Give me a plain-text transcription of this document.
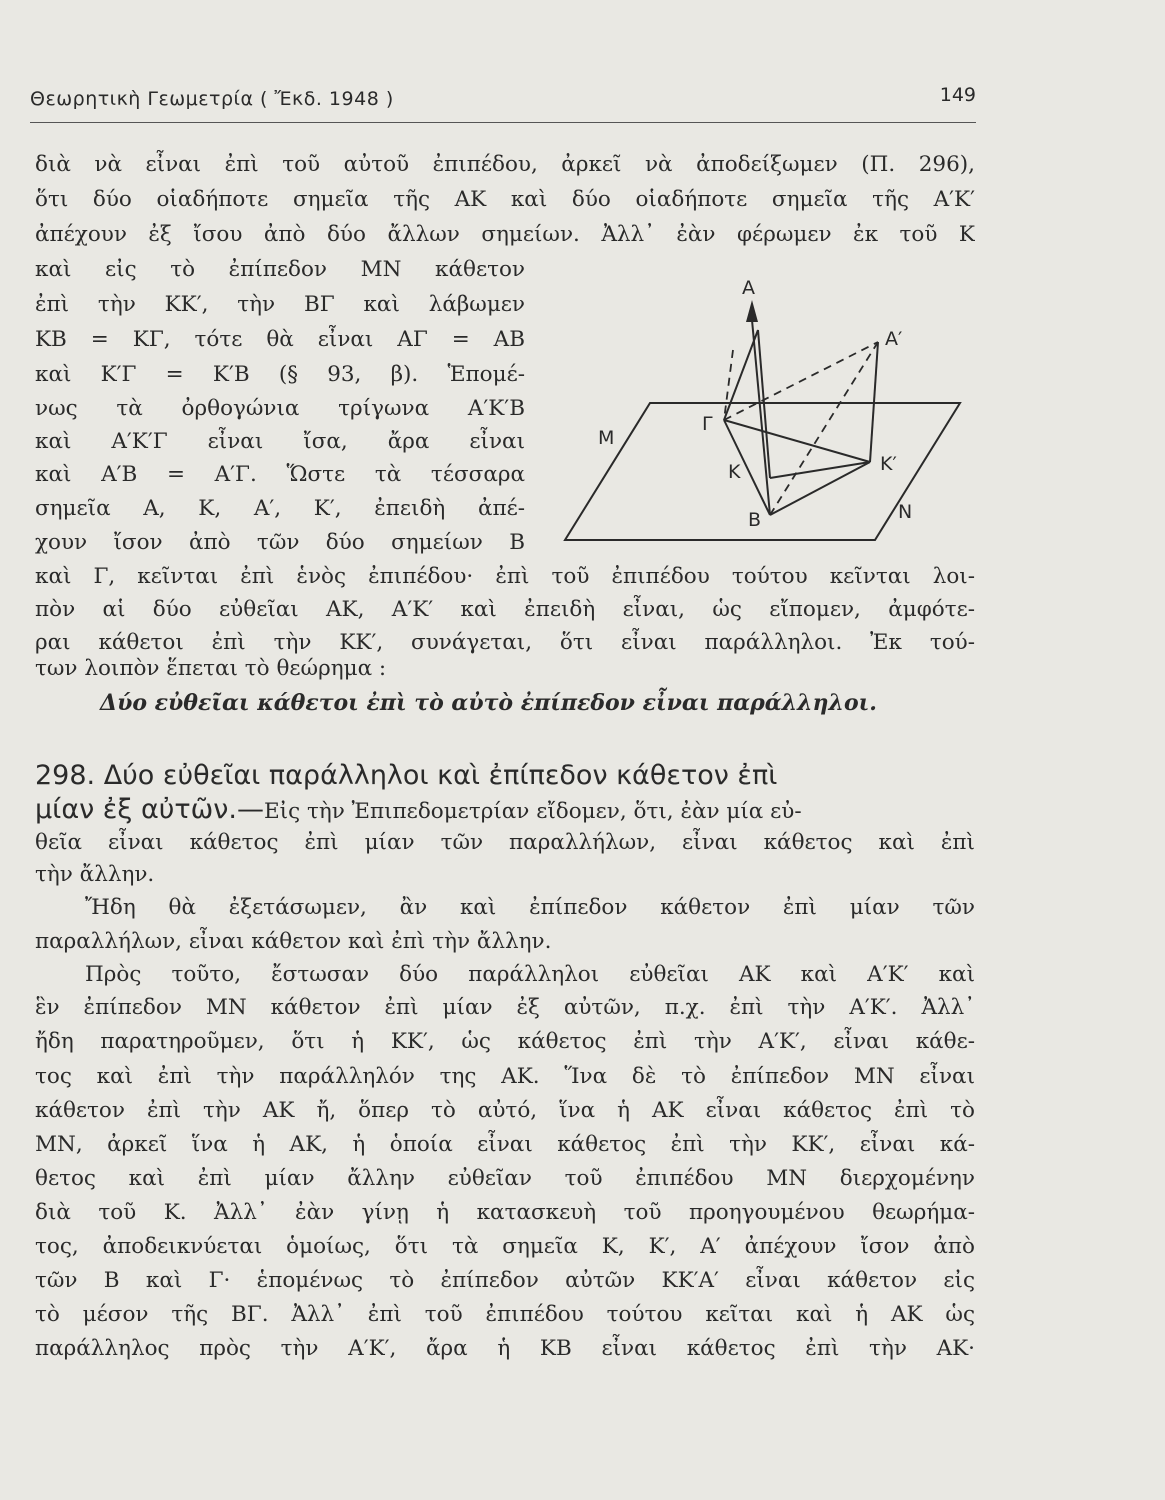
Θεωρητικὴ Γεωμετρία ( Ἔκδ. 1948 )	149
διὰ νὰ εἶναι ἐπὶ τοῦ αὐτοῦ ἐπιπέδου, ἀρκεῖ νὰ ἀποδείξωμεν (Π. 296),
ὅτι δύο οἱαδήποτε σημεῖα τῆς ΑΚ καὶ δύο οἱαδήποτε σημεῖα τῆς Α′Κ′
ἀπέχουν ἐξ ἴσου ἀπὸ δύο ἄλλων σημείων. Ἀλλ᾽ ἐὰν φέρωμεν ἐκ τοῦ Κ
καὶ εἰς τὸ ἐπίπεδον ΜΝ κάθετον
ἐπὶ τὴν ΚΚ′, τὴν ΒΓ καὶ λάβωμεν
ΚΒ = ΚΓ, τότε θὰ εἶναι ΑΓ = ΑΒ
καὶ Κ′Γ = Κ′Β (§ 93, β). Ἑπομέ-
νως τὰ ὀρθογώνια τρίγωνα Α′Κ′Β
καὶ Α′Κ′Γ εἶναι ἴσα, ἄρα εἶναι
καὶ Α′Β = Α′Γ. Ὥστε τὰ τέσσαρα
σημεῖα Α, Κ, Α′, Κ′, ἐπειδὴ ἀπέ-
χουν ἴσον ἀπὸ τῶν δύο σημείων Β
καὶ Γ, κεῖνται ἐπὶ ἑνὸς ἐπιπέδου· ἐπὶ τοῦ ἐπιπέδου τούτου κεῖνται λοι-
πὸν αἱ δύο εὐθεῖαι ΑΚ, Α′Κ′ καὶ ἐπειδὴ εἶναι, ὡς εἴπομεν, ἀμφότε-
ραι κάθετοι ἐπὶ τὴν ΚΚ′, συνάγεται, ὅτι εἶναι παράλληλοι. Ἐκ τού-
των λοιπὸν ἕπεται τὸ θεώρημα :
Δύο εὐθεῖαι κάθετοι ἐπὶ τὸ αὐτὸ ἐπίπεδον εἶναι παράλληλοι.
298. Δύο εὐθεῖαι παράλληλοι καὶ ἐπίπεδον κάθετον ἐπὶ
μίαν ἐξ αὐτῶν.—Εἰς τὴν Ἐπιπεδομετρίαν εἴδομεν, ὅτι, ἐὰν μία εὐ-
θεῖα εἶναι κάθετος ἐπὶ μίαν τῶν παραλλήλων, εἶναι κάθετος καὶ ἐπὶ
τὴν ἄλλην.
Ἤδη θὰ ἐξετάσωμεν, ἂν καὶ ἐπίπεδον κάθετον ἐπὶ μίαν τῶν
παραλλήλων, εἶναι κάθετον καὶ ἐπὶ τὴν ἄλλην.
Πρὸς τοῦτο, ἔστωσαν δύο παράλληλοι εὐθεῖαι ΑΚ καὶ Α′Κ′ καὶ
ἓν ἐπίπεδον ΜΝ κάθετον ἐπὶ μίαν ἐξ αὐτῶν, π.χ. ἐπὶ τὴν Α′Κ′. Ἀλλ᾽
ἤδη παρατηροῦμεν, ὅτι ἡ ΚΚ′, ὡς κάθετος ἐπὶ τὴν Α′Κ′, εἶναι κάθε-
τος καὶ ἐπὶ τὴν παράλληλόν της ΑΚ. Ἵνα δὲ τὸ ἐπίπεδον ΜΝ εἶναι
κάθετον ἐπὶ τὴν ΑΚ ἤ, ὅπερ τὸ αὐτό, ἵνα ἡ ΑΚ εἶναι κάθετος ἐπὶ τὸ
ΜΝ, ἀρκεῖ ἵνα ἡ ΑΚ, ἡ ὁποία εἶναι κάθετος ἐπὶ τὴν ΚΚ′, εἶναι κά-
θετος καὶ ἐπὶ μίαν ἄλλην εὐθεῖαν τοῦ ἐπιπέδου ΜΝ διερχομένην
διὰ τοῦ Κ. Ἀλλ᾽ ἐὰν γίνῃ ἡ κατασκευὴ τοῦ προηγουμένου θεωρήμα-
τος, ἀποδεικνύεται ὁμοίως, ὅτι τὰ σημεῖα Κ, Κ′, Α′ ἀπέχουν ἴσον ἀπὸ
τῶν Β καὶ Γ· ἑπομένως τὸ ἐπίπεδον αὐτῶν ΚΚ′Α′ εἶναι κάθετον εἰς
τὸ μέσον τῆς ΒΓ. Ἀλλ᾽ ἐπὶ τοῦ ἐπιπέδου τούτου κεῖται καὶ ἡ ΑΚ ὡς
παράλληλος πρὸς τὴν Α′Κ′, ἄρα ἡ ΚΒ εἶναι κάθετος ἐπὶ τὴν ΑΚ·
A
A′
Γ
M
K	K′
B	N
